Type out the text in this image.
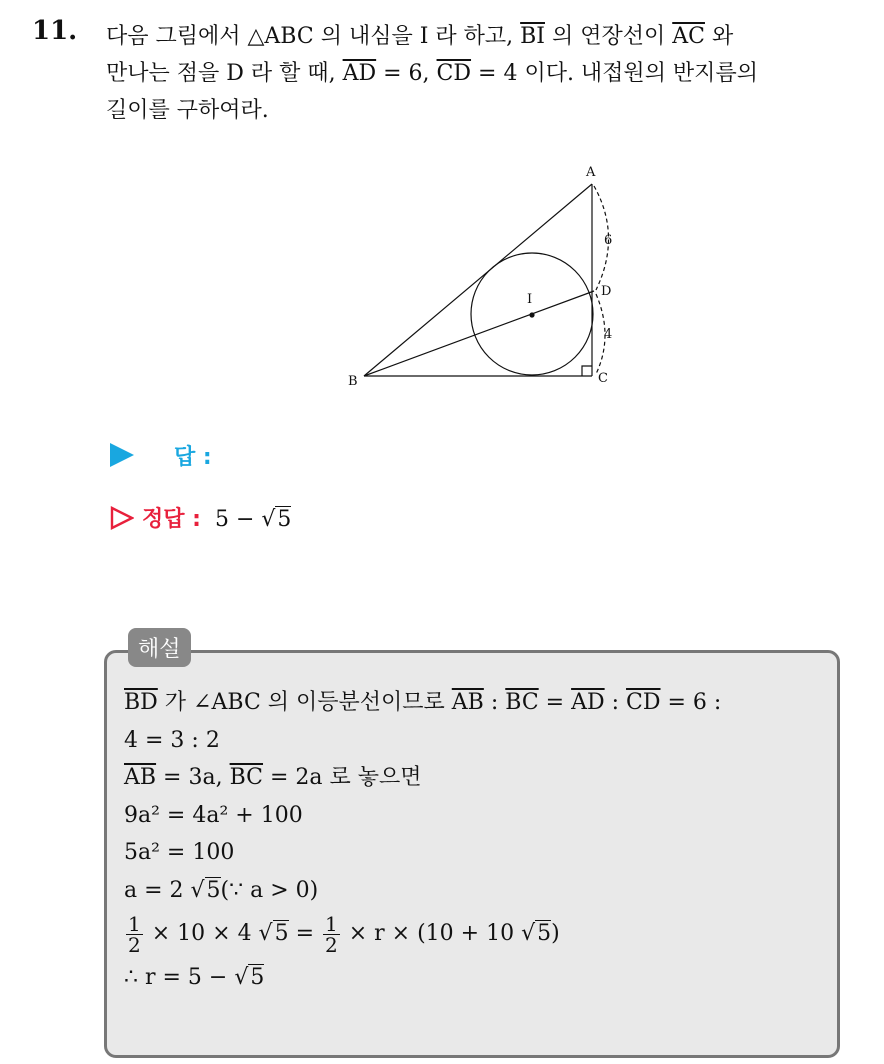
11. 다음 그림에서 △ABC 의 내심을 I 라 하고, $\overline{BI}$ 의 연장선이 $\overline{AC}$ 와
만나는 점을 D 라 할 때, $\overline{AD} = 6$, $\overline{CD} = 4$ 이다. 내접원의 반지름의
길이를 구하여라.
A
B	C
D
I
6
4
답 :
정답 : 5 − √5
해설
$\overline{BD}$ 가 ∠ABC 의 이등분선이므로 $\overline{AB}$ : $\overline{BC} = \overline{AD}$ : $\overline{CD} = 6$ :
4 = 3 : 2
$\overline{AB} = 3a$, $\overline{BC} = 2a$ 로 놓으면
9a² = 4a² + 100
5a² = 100
a = 2 √5(∵ a > 0)
$\frac{1}{2} \times 10 \times 4$ $√5 = \frac{1}{2} \times r \times (10 + 10$ √5)
∴ r = 5 − √5
